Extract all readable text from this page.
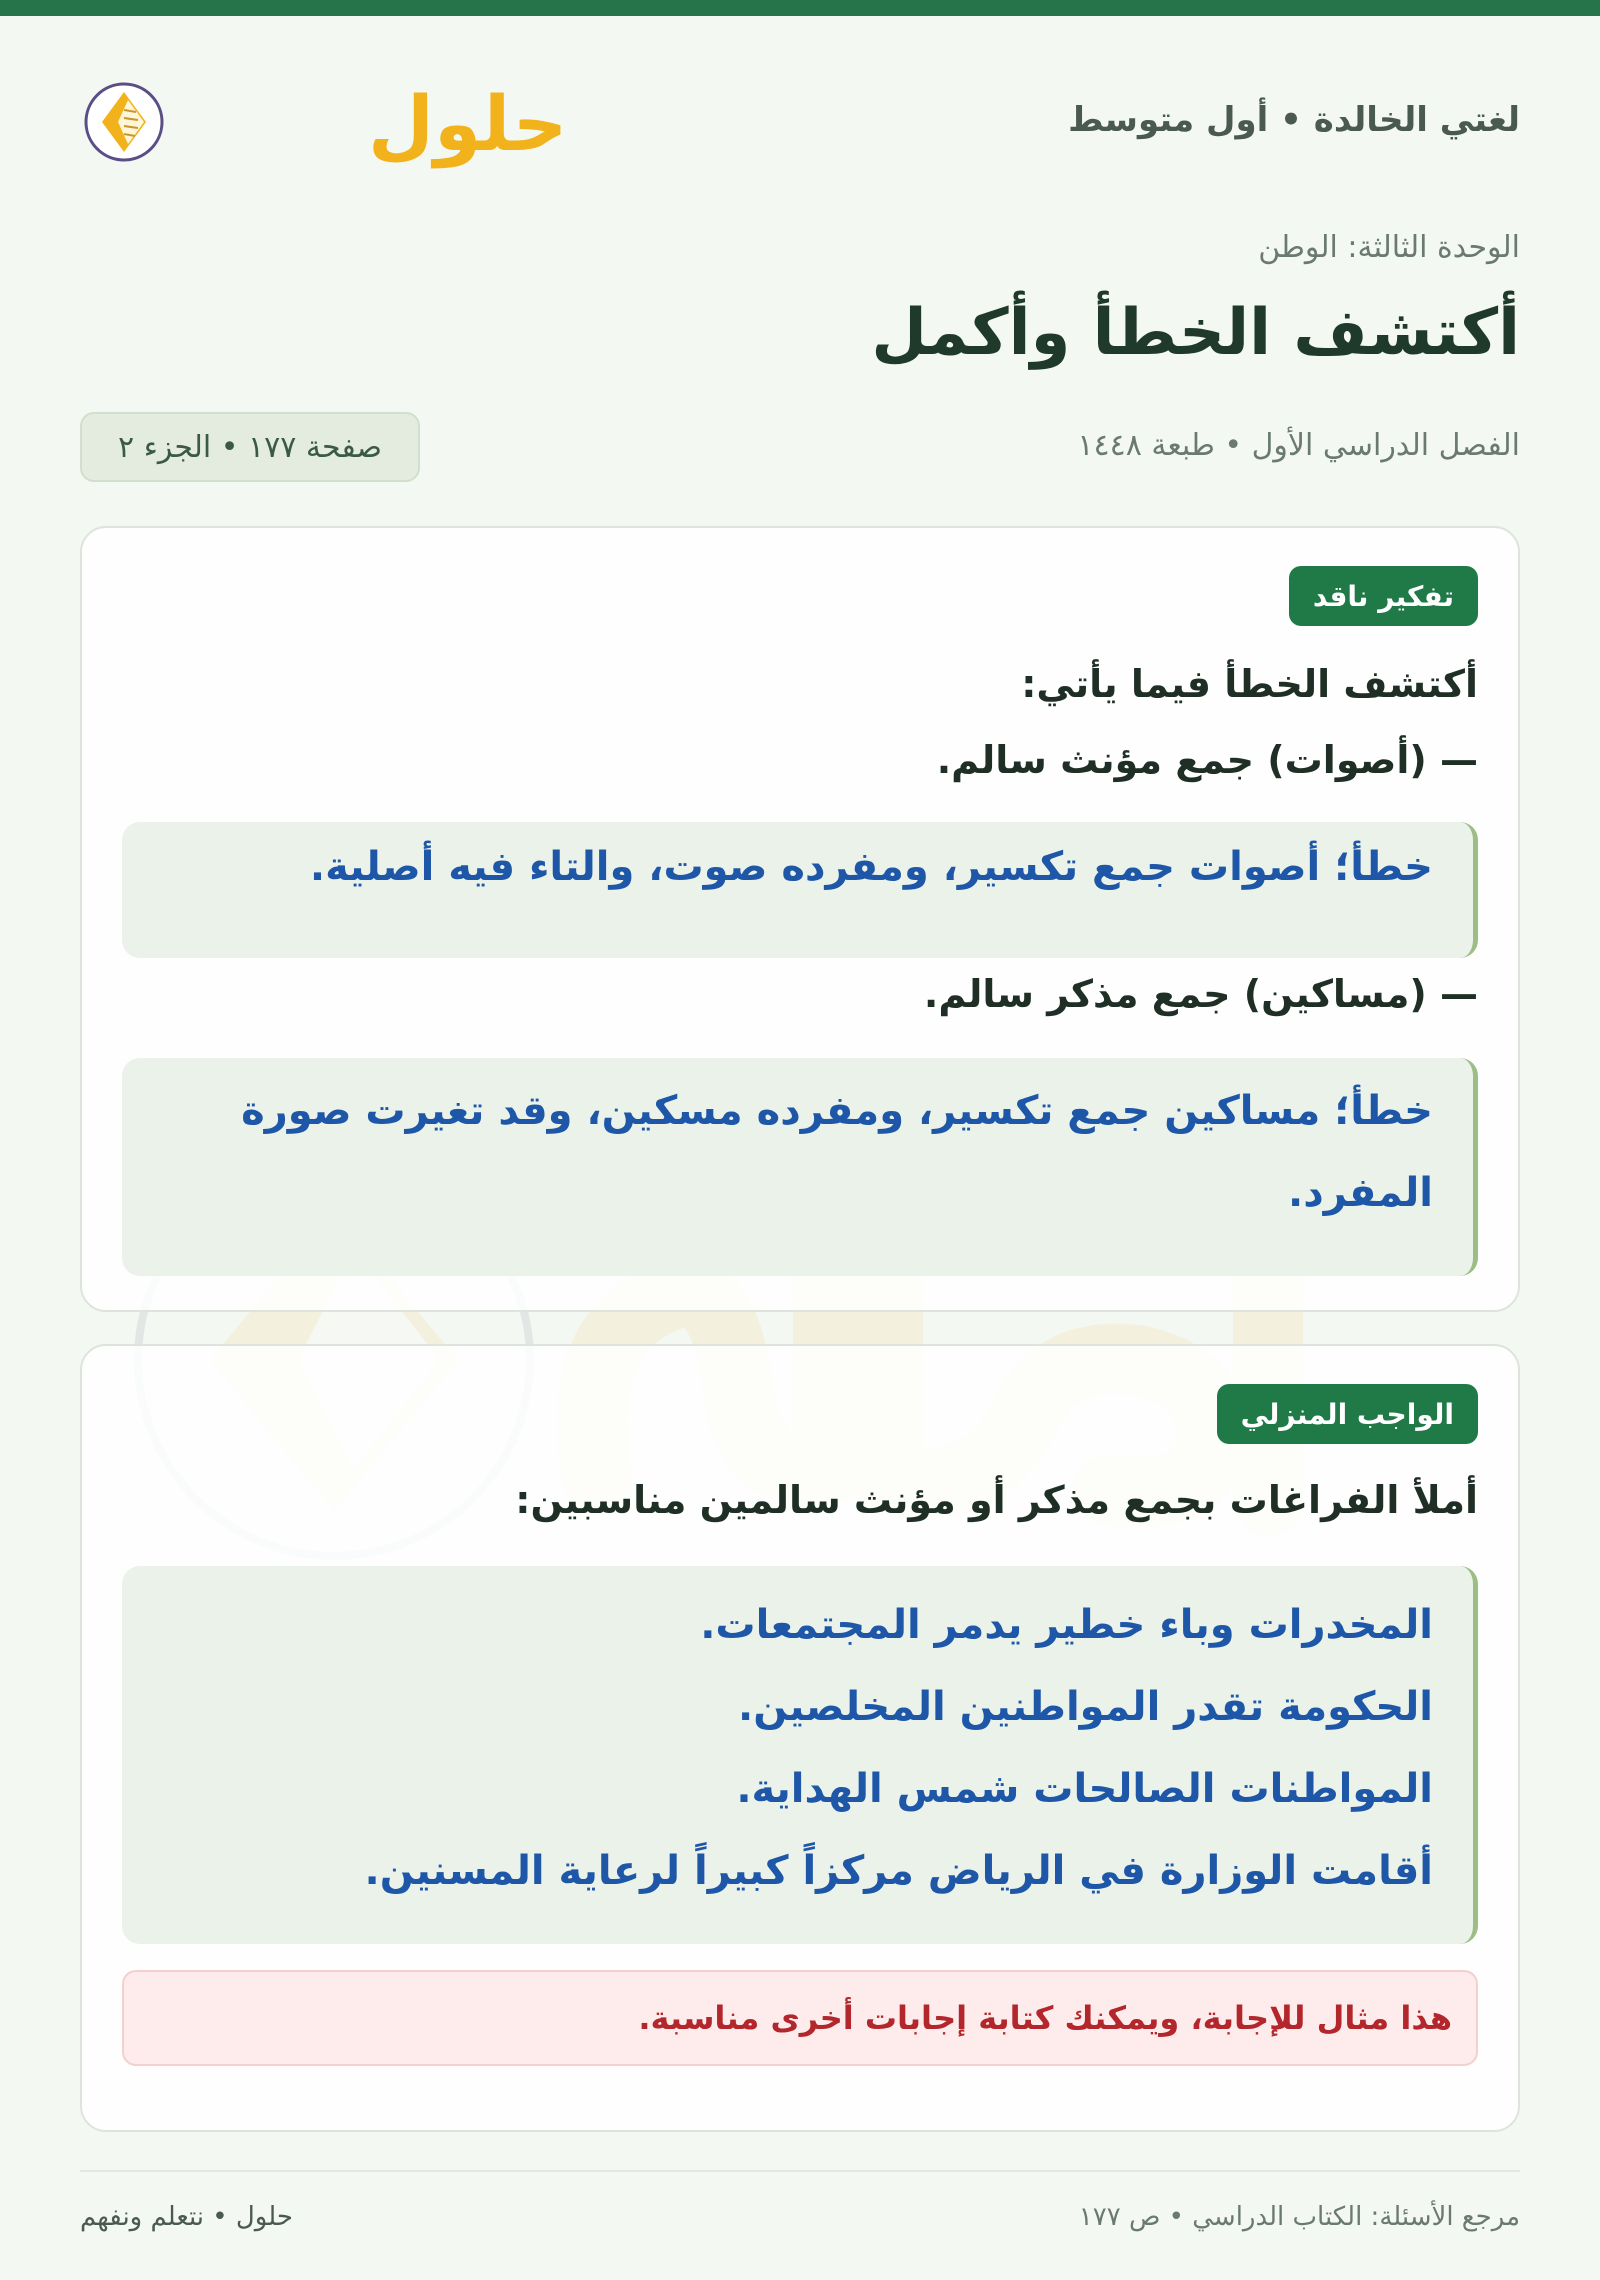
لغتي الخالدة • أول متوسط
حلول
الوحدة الثالثة: الوطن
أكتشف الخطأ وأكمل
الفصل الدراسي الأول • طبعة ١٤٤٨
صفحة ١٧٧ • الجزء ٢
تفكير ناقد
أكتشف الخطأ فيما يأتي:
— (أصوات) جمع مؤنث سالم.
خطأ؛ أصوات جمع تكسير، ومفرده صوت، والتاء فيه أصلية.
— (مساكين) جمع مذكر سالم.
خطأ؛ مساكين جمع تكسير، ومفرده مسكين، وقد تغيرت صورة
المفرد.
الواجب المنزلي
أملأ الفراغات بجمع مذكر أو مؤنث سالمين مناسبين:
المخدرات وباء خطير يدمر المجتمعات.
الحكومة تقدر المواطنين المخلصين.
المواطنات الصالحات شمس الهداية.
أقامت الوزارة في الرياض مركزاً كبيراً لرعاية المسنين.
هذا مثال للإجابة، ويمكنك كتابة إجابات أخرى مناسبة.
حلول • نتعلم ونفهم	مرجع الأسئلة: الكتاب الدراسي • ص ١٧٧
